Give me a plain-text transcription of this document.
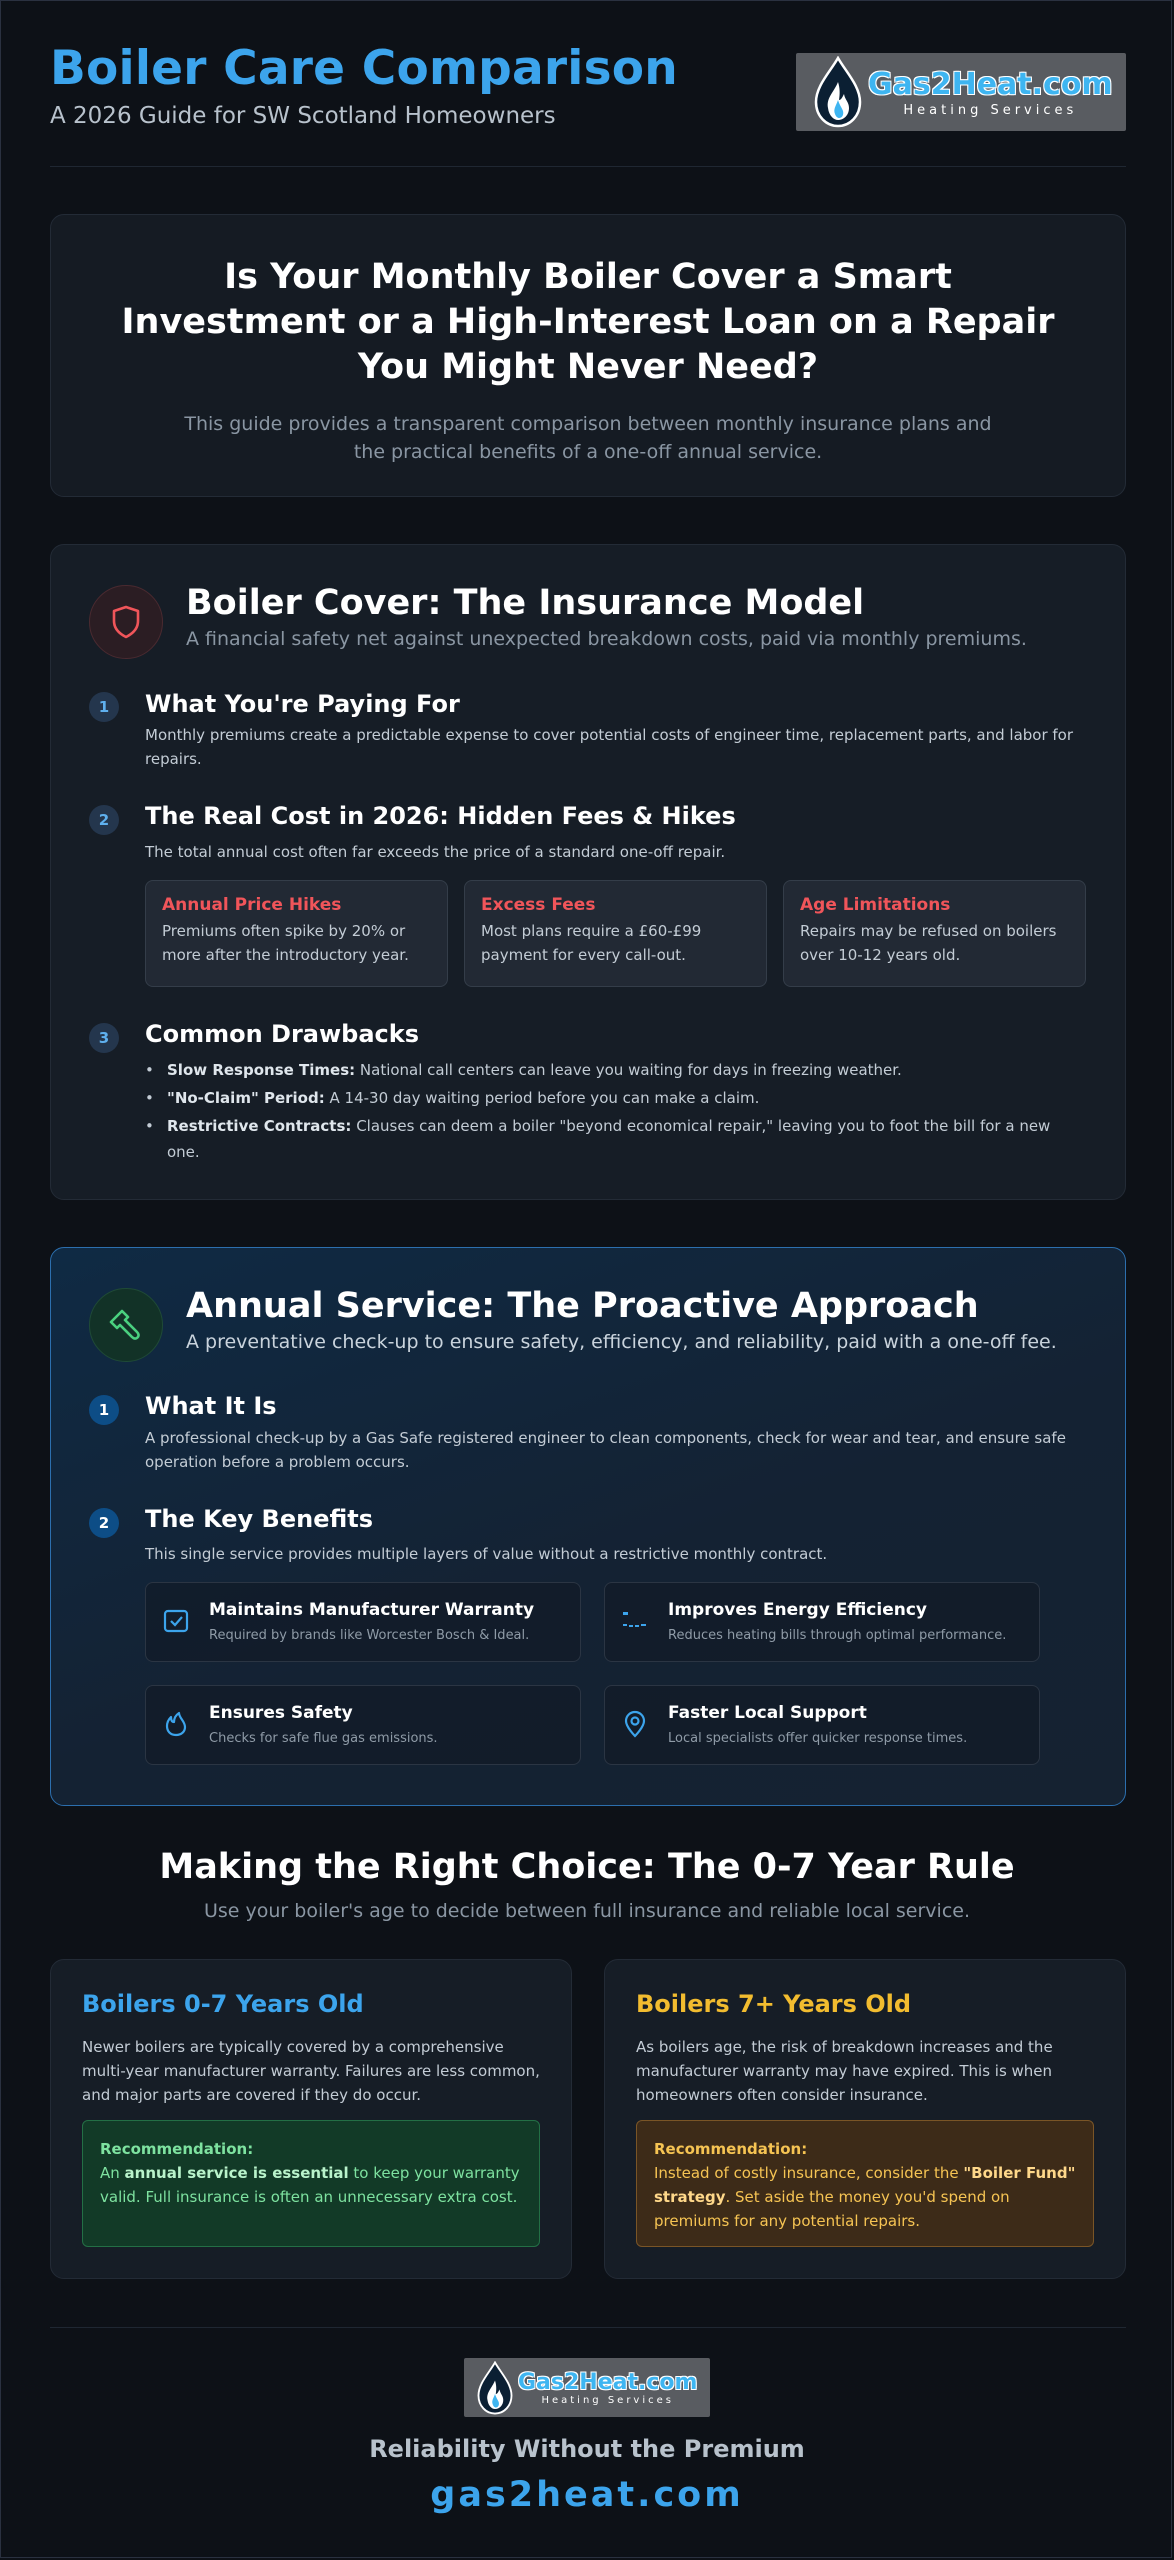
Boiler Care Comparison
A 2026 Guide for SW Scotland Homeowners
Gas2Heat.com
Heating Services
Is Your Monthly Boiler Cover a Smart Investment or a High-Interest Loan on a Repair You Might Never Need?

This guide provides a transparent comparison between monthly insurance plans and the practical benefits of a one-off annual service.

Boiler Cover: The Insurance Model
A financial safety net against unexpected breakdown costs, paid via monthly premiums.
1	What You're Paying For

Monthly premiums create a predictable expense to cover potential costs of engineer time, replacement parts, and labor for repairs.

2	The Real Cost in 2026: Hidden Fees & Hikes

The total annual cost often far exceeds the price of a standard one-off repair.

Annual Price Hikes
Premiums often spike by 20% or more after the introductory year.
Excess Fees
Most plans require a £60-£99 payment for every call-out.
Age Limitations
Repairs may be refused on boilers over 10-12 years old.
3	Common Drawbacks
• Slow Response Times: National call centers can leave you waiting for days in freezing weather.
• "No-Claim" Period: A 14-30 day waiting period before you can make a claim.
• Restrictive Contracts: Clauses can deem a boiler "beyond economical repair," leaving you to foot the bill for a new one.
Annual Service: The Proactive Approach
A preventative check-up to ensure safety, efficiency, and reliability, paid with a one-off fee.
1	What It Is

A professional check-up by a Gas Safe registered engineer to clean components, check for wear and tear, and ensure safe operation before a problem occurs.

2	The Key Benefits

This single service provides multiple layers of value without a restrictive monthly contract.

Maintains Manufacturer Warranty
Required by brands like Worcester Bosch & Ideal.
Improves Energy Efficiency
Reduces heating bills through optimal performance.
Ensures Safety
Checks for safe flue gas emissions.
Faster Local Support
Local specialists offer quicker response times.
Making the Right Choice: The 0-7 Year Rule
Use your boiler's age to decide between full insurance and reliable local service.
Boilers 0-7 Years Old

Newer boilers are typically covered by a comprehensive multi-year manufacturer warranty. Failures are less common, and major parts are covered if they do occur.

Recommendation:
An annual service is essential to keep your warranty valid. Full insurance is often an unnecessary extra cost.
Boilers 7+ Years Old

As boilers age, the risk of breakdown increases and the manufacturer warranty may have expired. This is when homeowners often consider insurance.

Recommendation:
Instead of costly insurance, consider the "Boiler Fund" strategy. Set aside the money you'd spend on premiums for any potential repairs.
Gas2Heat.com
Heating Services
Reliability Without the Premium
gas2heat.com
